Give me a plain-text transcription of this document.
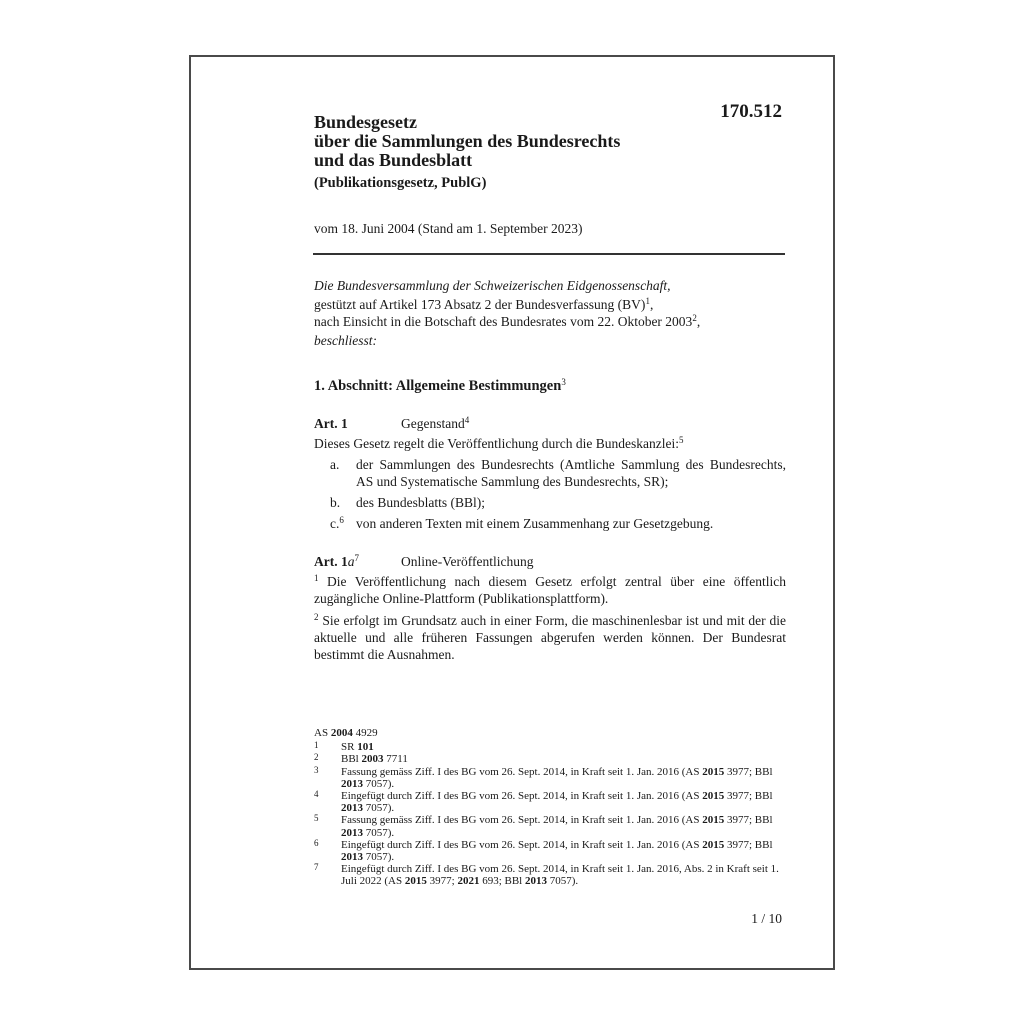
170.512
Bundesgesetz
über die Sammlungen des Bundesrechts
und das Bundesblatt
(Publikationsgesetz, PublG)
vom 18. Juni 2004 (Stand am 1. September 2023)
Die Bundesversammlung der Schweizerischen Eidgenossenschaft,
gestützt auf Artikel 173 Absatz 2 der Bundesverfassung (BV)$^1$,
nach Einsicht in die Botschaft des Bundesrates vom 22. Oktober 2003$^2$,
beschliesst:
1. Abschnitt: Allgemeine Bestimmungen$^3$
Art. 1	Gegenstand$^4$
Dieses Gesetz regelt die Veröffentlichung durch die Bundeskanzlei:$^5$
a. der Sammlungen des Bundesrechts (Amtliche Sammlung des Bundesrechts, AS und Systematische Sammlung des Bundesrechts, SR);
b. des Bundesblatts (BBl);
c.$^6$ von anderen Texten mit einem Zusammenhang zur Gesetzgebung.
Art. $1a^7$	Online-Veröffentlichung

$^1$ Die Veröffentlichung nach diesem Gesetz erfolgt zentral über eine öffentlich zugängliche Online-Plattform (Publikationsplattform).

$^2$ Sie erfolgt im Grundsatz auch in einer Form, die maschinenlesbar ist und mit der die aktuelle und alle früheren Fassungen abgerufen werden können. Der Bundesrat bestimmt die Ausnahmen.

AS 2004 4929
1 SR 101
2 BBl 2003 7711
3 Fassung gemäss Ziff. I des BG vom 26. Sept. 2014, in Kraft seit 1. Jan. 2016 (AS 2015 3977; BBl 2013 7057).
4 Eingefügt durch Ziff. I des BG vom 26. Sept. 2014, in Kraft seit 1. Jan. 2016 (AS 2015 3977; BBl 2013 7057).
5 Fassung gemäss Ziff. I des BG vom 26. Sept. 2014, in Kraft seit 1. Jan. 2016 (AS 2015 3977; BBl 2013 7057).
6 Eingefügt durch Ziff. I des BG vom 26. Sept. 2014, in Kraft seit 1. Jan. 2016 (AS 2015 3977; BBl 2013 7057).
7 Eingefügt durch Ziff. I des BG vom 26. Sept. 2014, in Kraft seit 1. Jan. 2016, Abs. 2 in Kraft seit 1. Juli 2022 (AS 2015 3977; 2021 693; BBl 2013 7057).
1 / 10
